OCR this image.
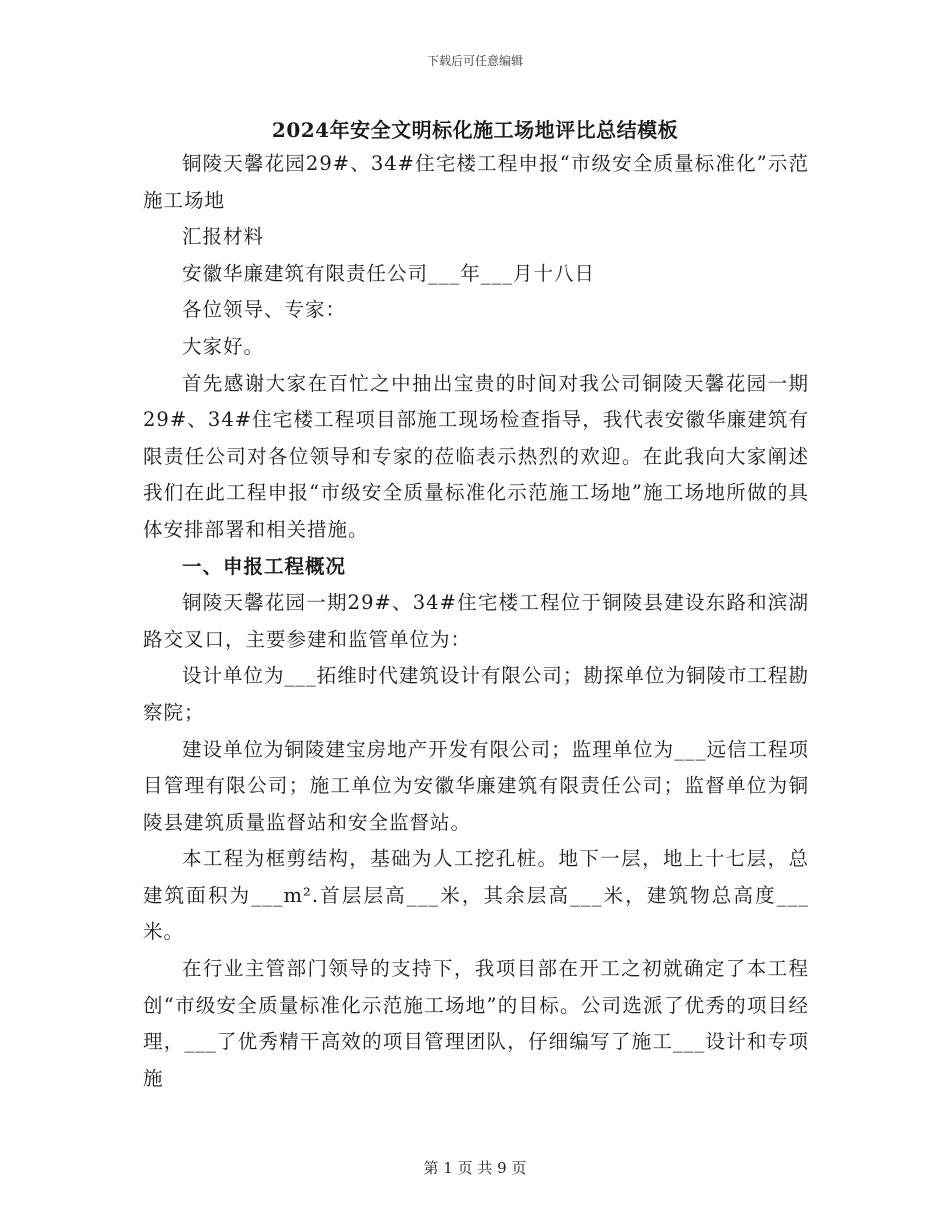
下载后可任意编辑
2024年安全文明标化施工场地评比总结模板

铜陵天馨花园29#、34#住宅楼工程申报“市级安全质量标准化”示范施工场地

汇报材料

安徽华廉建筑有限责任公司___年___月十八日

各位领导、专家：

大家好。

首先感谢大家在百忙之中抽出宝贵的时间对我公司铜陵天馨花园一期29#、34#住宅楼工程项目部施工现场检查指导，我代表安徽华廉建筑有限责任公司对各位领导和专家的莅临表示热烈的欢迎。在此我向大家阐述我们在此工程申报“市级安全质量标准化示范施工场地”施工场地所做的具体安排部署和相关措施。

一、申报工程概况

铜陵天馨花园一期29#、34#住宅楼工程位于铜陵县建设东路和滨湖路交叉口，主要参建和监管单位为：

设计单位为___拓维时代建筑设计有限公司；勘探单位为铜陵市工程勘察院；

建设单位为铜陵建宝房地产开发有限公司；监理单位为___远信工程项目管理有限公司；施工单位为安徽华廉建筑有限责任公司；监督单位为铜陵县建筑质量监督站和安全监督站。

本工程为框剪结构，基础为人工挖孔桩。地下一层，地上十七层，总建筑面积为___m².首层层高___米，其余层高___米，建筑物总高度___米。

在行业主管部门领导的支持下，我项目部在开工之初就确定了本工程创“市级安全质量标准化示范施工场地”的目标。公司选派了优秀的项目经理，___了优秀精干高效的项目管理团队，仔细编写了施工___设计和专项施

第 1 页 共 9 页
